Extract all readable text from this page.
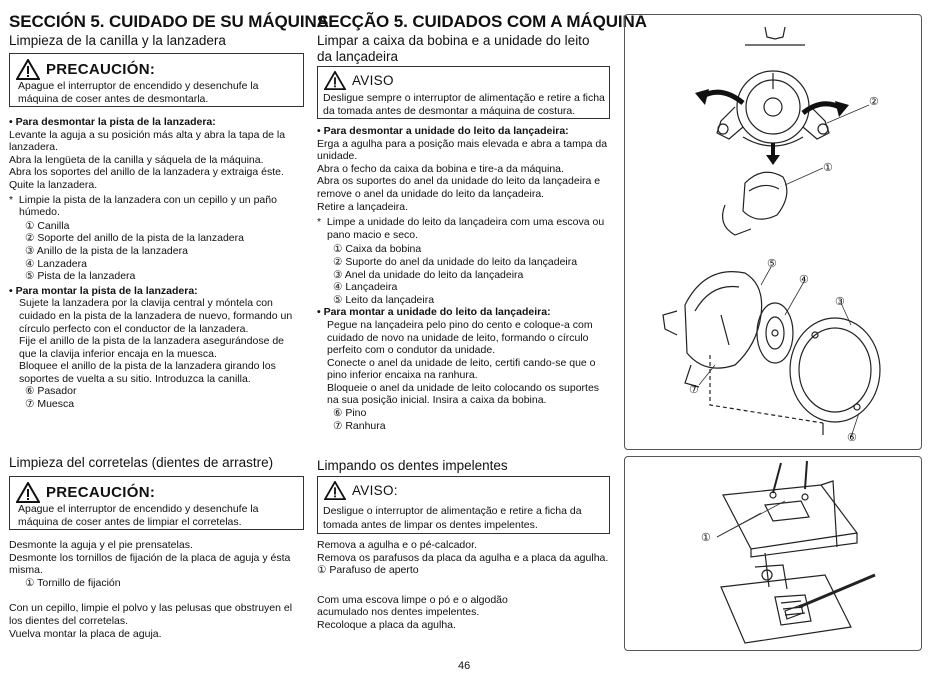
SECCIÓN 5. CUIDADO DE SU MÁQUINA
Limpieza de la canilla y la lanzadera
PRECAUCIÓN:
Apague el interruptor de encendido y desenchufe la
máquina de coser antes de desmontarla.
• Para desmontar la pista de la lanzadera:
Levante la aguja a su posición más alta y abra la tapa de la
lanzadera.
Abra la lengüeta de la canilla y sáquela de la máquina.
Abra los soportes del anillo de la lanzadera y extraiga éste.
Quite la lanzadera.
*  Limpie la pista de la lanzadera con un cepillo y un paño
húmedo.
① Canilla
② Soporte del anillo de la pista de la lanzadera
③ Anillo de la pista de la lanzadera
④ Lanzadera
⑤ Pista de la lanzadera
• Para montar la pista de la lanzadera:
Sujete la lanzadera por la clavija central y móntela con
cuidado en la pista de la lanzadera de nuevo, formando un
círculo perfecto con el conductor de la lanzadera.
Fije el anillo de la pista de la lanzadera asegurándose de
que la clavija inferior encaja en la muesca.
Bloquee el anillo de la pista de la lanzadera girando los
soportes de vuelta a su sitio. Introduzca la canilla.
⑥ Pasador
⑦ Muesca
Limpieza del corretelas (dientes de arrastre)
PRECAUCIÓN:
Apague el interruptor de encendido y desenchufe la
máquina de coser antes de limpiar el corretelas.
Desmonte la aguja y el pie prensatelas.
Desmonte los tornillos de fijación de la placa de aguja y ésta
misma.
① Tornillo de fijación
Con un cepillo, limpie el polvo y las pelusas que obstruyen el
los dientes del corretelas.
Vuelva montar la placa de aguja.
SECÇÃO 5. CUIDADOS COM A MÁQUINA
Limpar a caixa da bobina e a unidade do leito
da lançadeira
AVISO
Desligue sempre o interruptor de alimentação e retire a ficha
da tomada antes de desmontar a máquina de costura.
• Para desmontar a unidade do leito da lançadeira:
Erga a agulha para a posição mais elevada e abra a tampa da
unidade.
Abra o fecho da caixa da bobina e tire-a da máquina.
Abra os suportes do anel da unidade do leito da lançadeira e
remove o anel da unidade do leito da lançadeira.
Retire a lançadeira.
*  Limpe a unidade do leito da lançadeira com uma escova ou
pano macio e seco.
① Caixa da bobina
② Suporte do anel da unidade do leito da lançadeira
③ Anel da unidade do leito da lançadeira
④ Lançadeira
⑤ Leito da lançadeira
• Para montar a unidade do leito da lançadeira:
Pegue na lançadeira pelo pino do cento e coloque-a com
cuidado de novo na unidade de leito, formando o círculo
perfeito com o condutor da unidade.
Conecte o anel da unidade de leito, certifi cando-se que o
pino inferior encaixa na ranhura.
Bloqueie o anel da unidade de leito colocando os suportes
na sua posição inicial. Insira a caixa da bobina.
⑥ Pino
⑦ Ranhura
Limpando os dentes impelentes
AVISO:
Desligue o interruptor de alimentação e retire a ficha da
tomada antes de limpar os dentes impelentes.
Remova a agulha e o pé-calcador.
Remova os parafusos da placa da agulha e a placa da agulha.
① Parafuso de aperto
Com uma escova limpe o pó e o algodão
acumulado nos dentes impelentes.
Recoloque a placa da agulha.
②
①
⑤
④
③
⑦
⑥
①
46
